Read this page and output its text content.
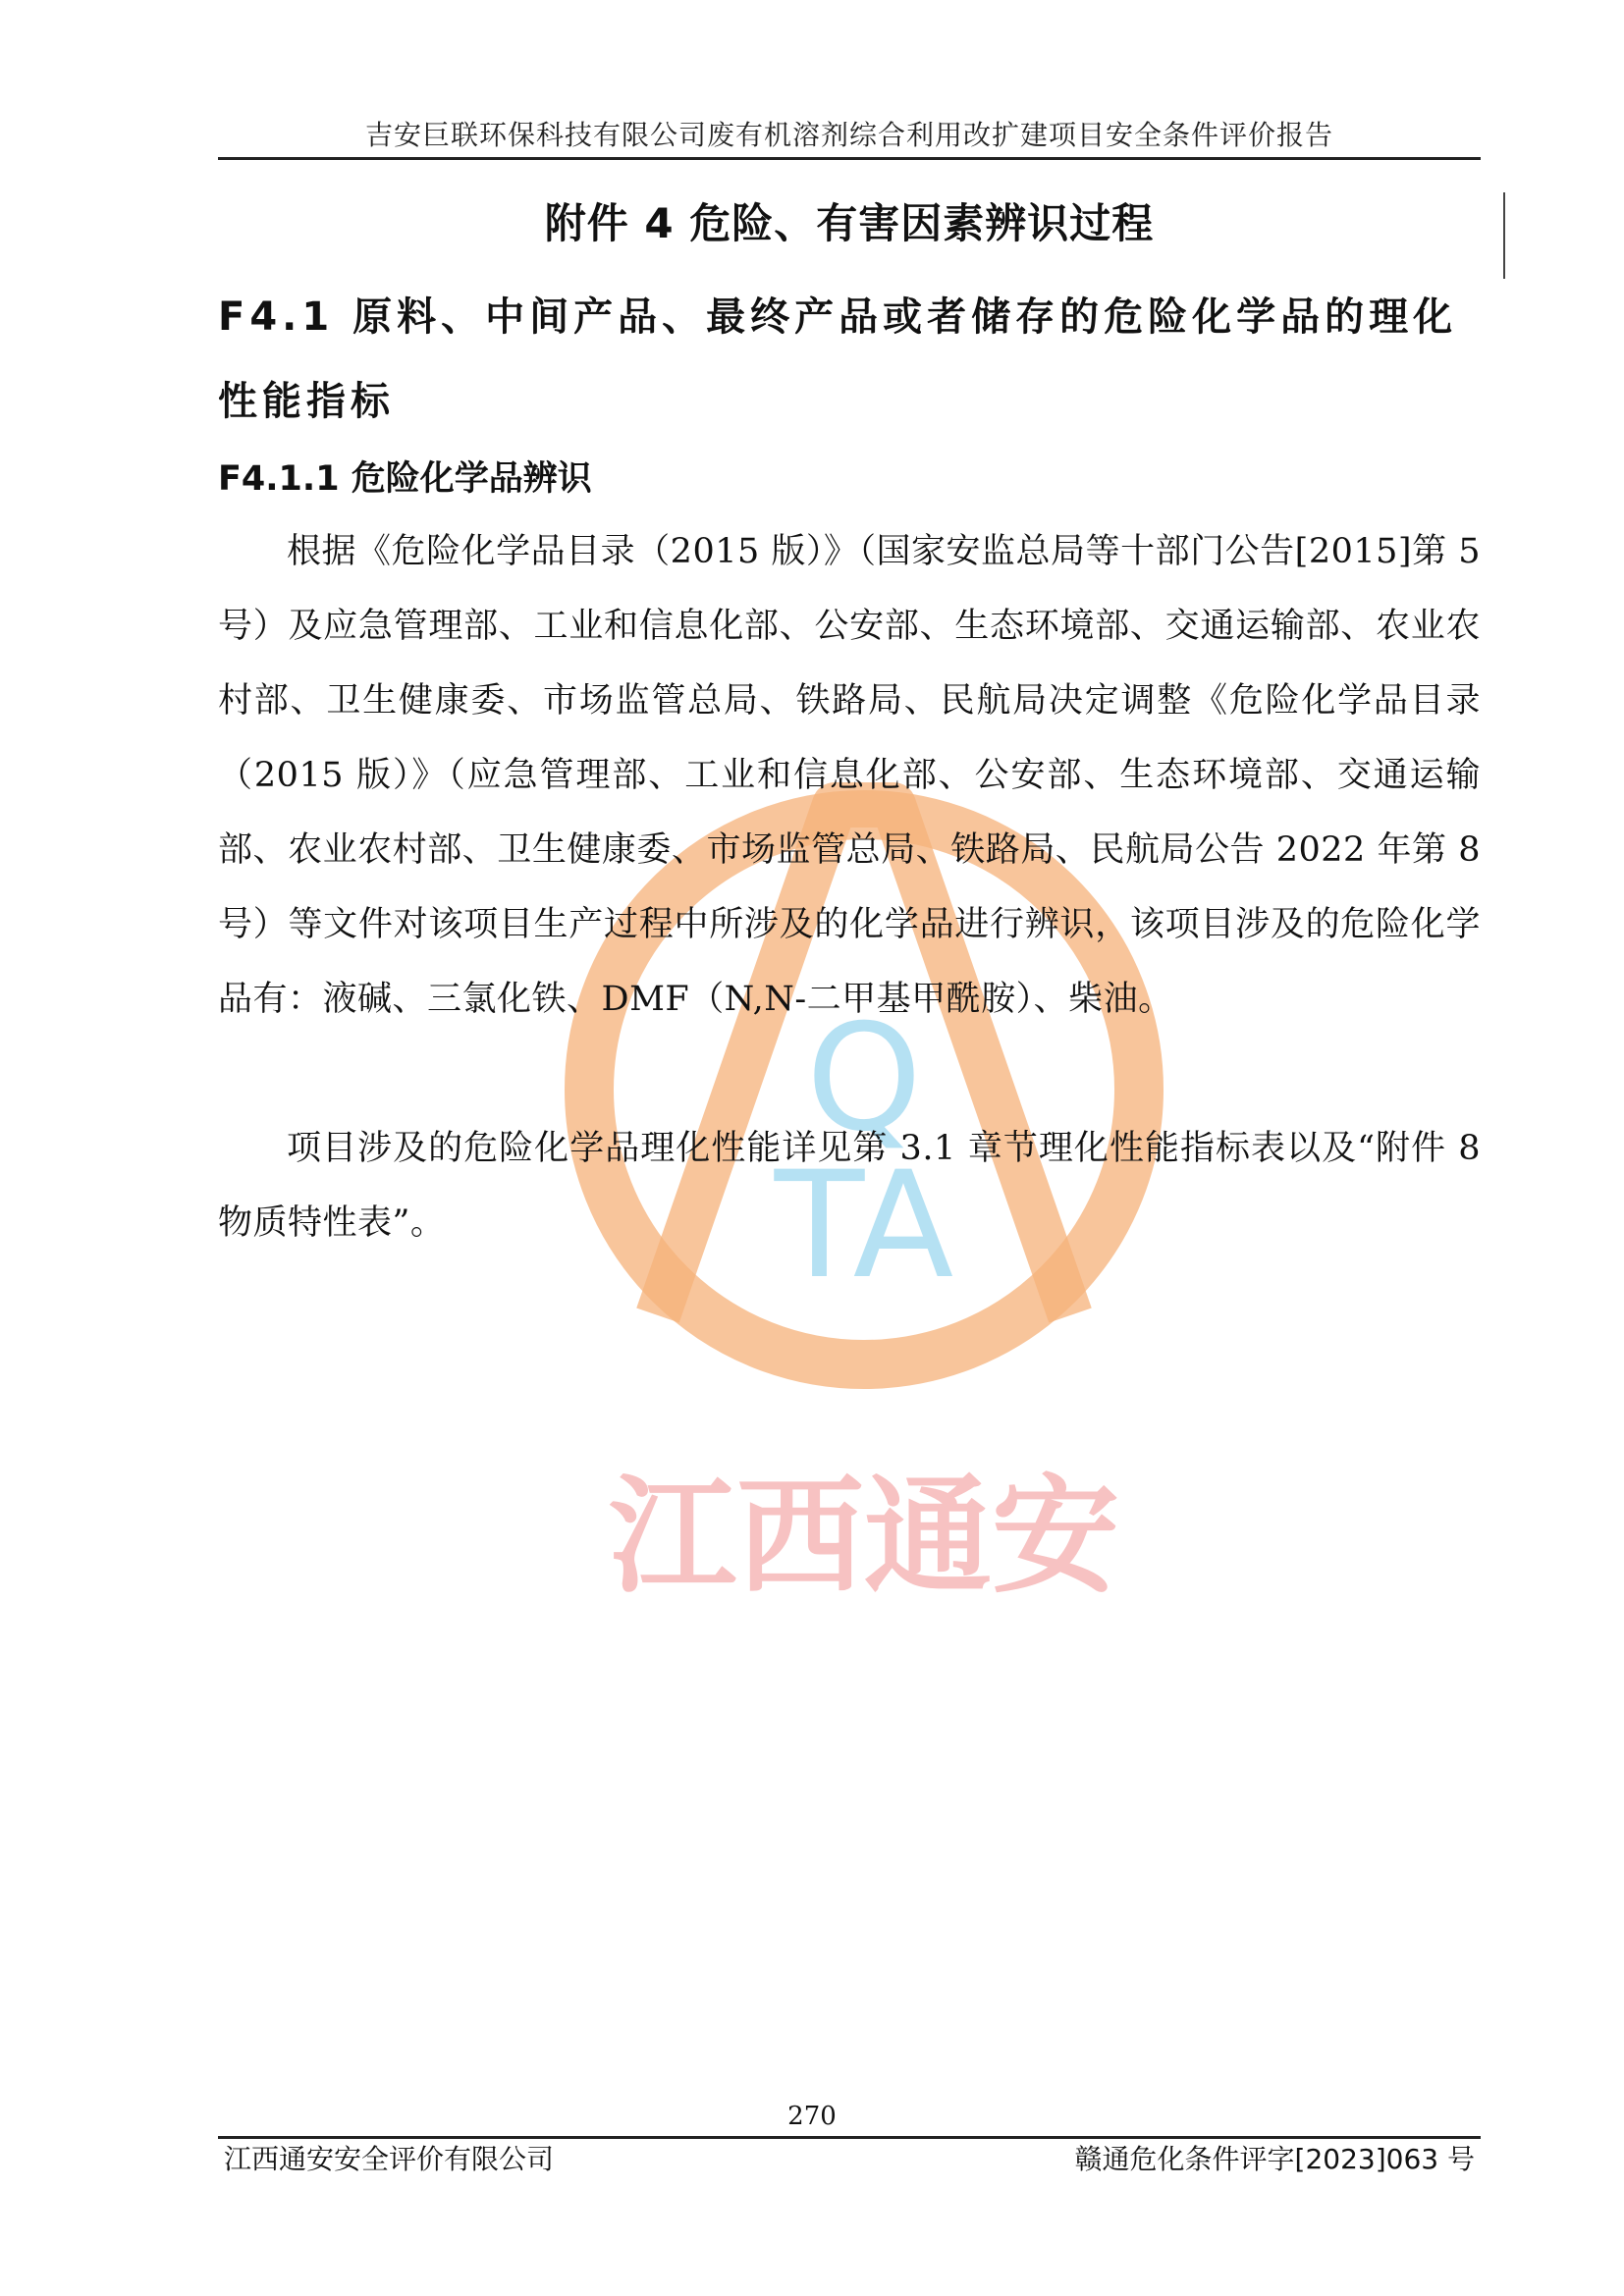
吉安巨联环保科技有限公司废有机溶剂综合利用改扩建项目安全条件评价报告
Q
TA
江西通安
附件 4 危险、有害因素辨识过程
F4.1 原料、中间产品、最终产品或者储存的危险化学品的理化性能指标
F4.1.1 危险化学品辨识
根据《危险化学品目录（2015 版）》（国家安监总局等十部门公告[2015]第 5 号）及应急管理部、工业和信息化部、公安部、生态环境部、交通运输部、农业农村部、卫生健康委、市场监管总局、铁路局、民航局决定调整《危险化学品目录（2015 版）》（应急管理部、工业和信息化部、公安部、生态环境部、交通运输部、农业农村部、卫生健康委、市场监管总局、铁路局、民航局公告 2022 年第 8 号）等文件对该项目生产过程中所涉及的化学品进行辨识，该项目涉及的危险化学品有：液碱、三氯化铁、DMF（N,N-二甲基甲酰胺）、柴油。
项目涉及的危险化学品理化性能详见第 3.1 章节理化性能指标表以及“附件 8 物质特性表”。
270
江西通安安全评价有限公司	赣通危化条件评字[2023]063 号
